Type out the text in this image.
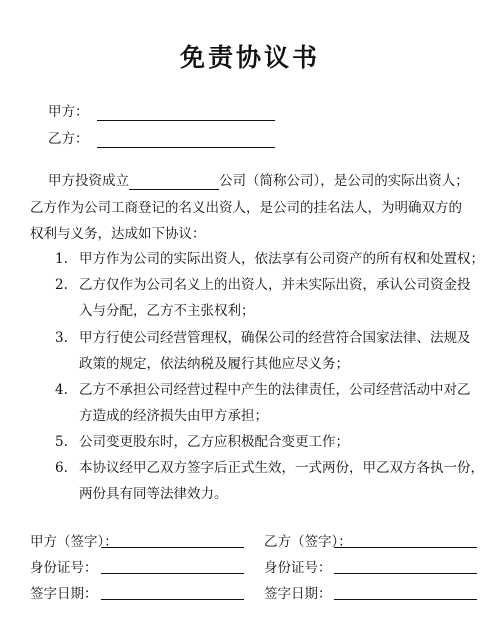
免责协议书
甲方：
乙方：
甲方投资成立	公司（简称公司），是公司的实际出资人；
乙方作为公司工商登记的名义出资人，是公司的挂名法人，为明确双方的
权利与义务，达成如下协议：
1. 甲方作为公司的实际出资人，依法享有公司资产的所有权和处置权；
2. 乙方仅作为公司名义上的出资人，并未实际出资，承认公司资金投
入与分配，乙方不主张权利；
3. 甲方行使公司经营管理权，确保公司的经营符合国家法律、法规及
政策的规定，依法纳税及履行其他应尽义务；
4. 乙方不承担公司经营过程中产生的法律责任，公司经营活动中对乙
方造成的经济损失由甲方承担；
5. 公司变更股东时，乙方应积极配合变更工作；
6. 本协议经甲乙双方签字后正式生效，一式两份，甲乙双方各执一份，
两份具有同等法律效力。
甲方（签字）：
身份证号：
签字日期：
乙方（签字）：
身份证号：
签字日期：
